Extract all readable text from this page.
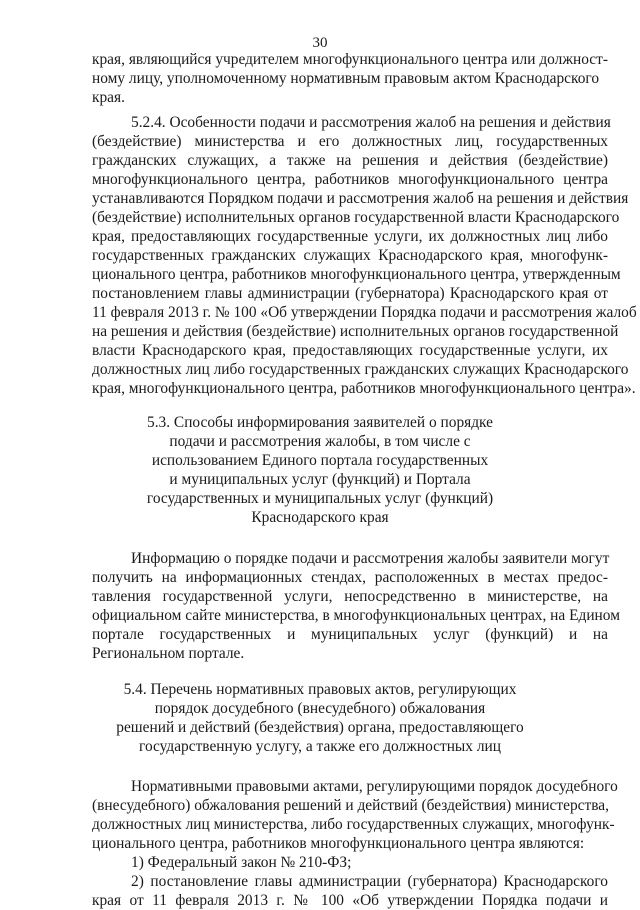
30
края, являющийся учредителем многофункционального центра или должност-
ному лицу, уполномоченному нормативным правовым актом Краснодарского
края.
5.2.4. Особенности подачи и рассмотрения жалоб на решения и действия
(бездействие) министерства и его должностных лиц, государственных
гражданских служащих, а также на решения и действия (бездействие)
многофункционального центра, работников многофункционального центра
устанавливаются Порядком подачи и рассмотрения жалоб на решения и действия
(бездействие) исполнительных органов государственной власти Краснодарского
края, предоставляющих государственные услуги, их должностных лиц либо
государственных гражданских служащих Краснодарского края, многофунк-
ционального центра, работников многофункционального центра, утвержденным
постановлением главы администрации (губернатора) Краснодарского края от
11 февраля 2013 г. № 100 «Об утверждении Порядка подачи и рассмотрения жалоб
на решения и действия (бездействие) исполнительных органов государственной
власти Краснодарского края, предоставляющих государственные услуги, их
должностных лиц либо государственных гражданских служащих Краснодарского
края, многофункционального центра, работников многофункционального центра».
5.3. Способы информирования заявителей о порядке
подачи и рассмотрения жалобы, в том числе с
использованием Единого портала государственных
и муниципальных услуг (функций) и Портала
государственных и муниципальных услуг (функций)
Краснодарского края
Информацию о порядке подачи и рассмотрения жалобы заявители могут
получить на информационных стендах, расположенных в местах предос-
тавления государственной услуги, непосредственно в министерстве, на
официальном сайте министерства, в многофункциональных центрах, на Едином
портале государственных и муниципальных услуг (функций) и на
Региональном портале.
5.4. Перечень нормативных правовых актов, регулирующих
порядок досудебного (внесудебного) обжалования
решений и действий (бездействия) органа, предоставляющего
государственную услугу, а также его должностных лиц
Нормативными правовыми актами, регулирующими порядок досудебного
(внесудебного) обжалования решений и действий (бездействия) министерства,
должностных лиц министерства, либо государственных служащих, многофунк-
ционального центра, работников многофункционального центра являются:
1) Федеральный закон № 210-ФЗ;
2) постановление главы администрации (губернатора) Краснодарского
края от 11 февраля 2013 г. № 100 «Об утверждении Порядка подачи и
